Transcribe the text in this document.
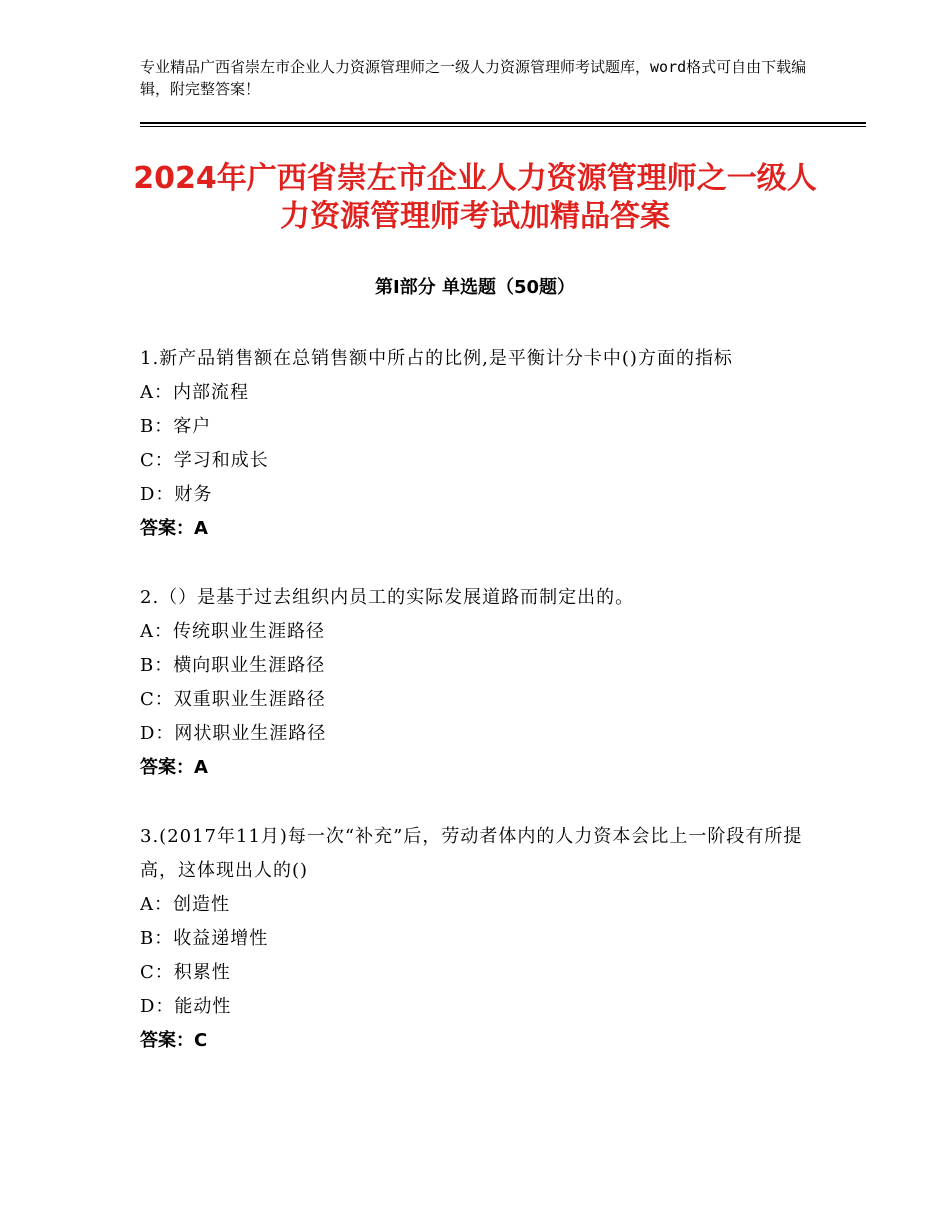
专业精品广西省崇左市企业人力资源管理师之一级人力资源管理师考试题库，word格式可自由下载编辑，附完整答案！
2024年广西省崇左市企业人力资源管理师之一级人力资源管理师考试加精品答案
第Ⅰ部分 单选题（50题）

1.新产品销售额在总销售额中所占的比例,是平衡计分卡中()方面的指标

A：内部流程

B：客户

C：学习和成长

D：财务

答案：A

2.（）是基于过去组织内员工的实际发展道路而制定出的。

A：传统职业生涯路径

B：横向职业生涯路径

C：双重职业生涯路径

D：网状职业生涯路径

答案：A

3.(2017年11月)每一次“补充”后，劳动者体内的人力资本会比上一阶段有所提高，这体现出人的()

A：创造性

B：收益递增性

C：积累性

D：能动性

答案：C
